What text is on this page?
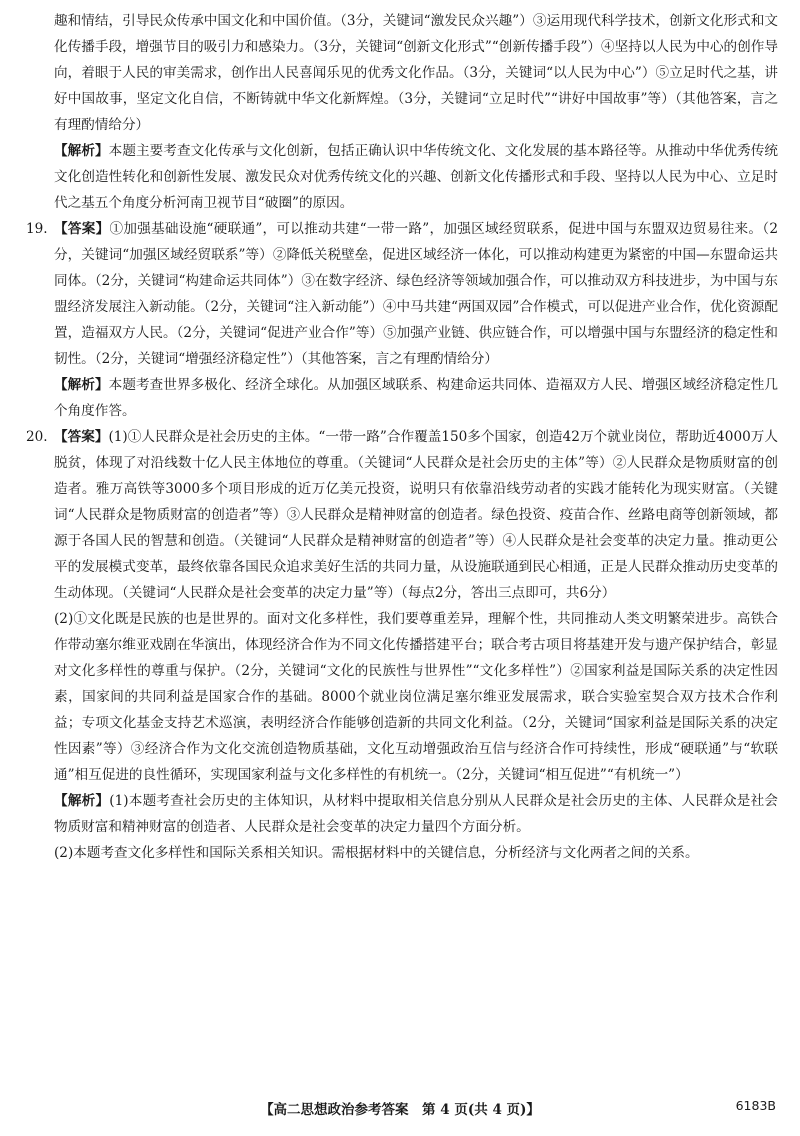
趣和情结，引导民众传承中国文化和中国价值。（3分，关键词“激发民众兴趣”）③运用现代科学技术，创新文化形式和文化传播手段，增强节目的吸引力和感染力。（3分，关键词“创新文化形式”“创新传播手段”）④坚持以人民为中心的创作导向，着眼于人民的审美需求，创作出人民喜闻乐见的优秀文化作品。（3分，关键词“以人民为中心”）⑤立足时代之基，讲好中国故事，坚定文化自信，不断铸就中华文化新辉煌。（3分，关键词“立足时代”“讲好中国故事”等）（其他答案，言之有理酌情给分）

【解析】本题主要考查文化传承与文化创新，包括正确认识中华传统文化、文化发展的基本路径等。从推动中华优秀传统文化创造性转化和创新性发展、激发民众对优秀传统文化的兴趣、创新文化传播形式和手段、坚持以人民为中心、立足时代之基五个角度分析河南卫视节目“破圈”的原因。

19. 【答案】①加强基础设施“硬联通”，可以推动共建“一带一路”，加强区域经贸联系，促进中国与东盟双边贸易往来。（2分，关键词“加强区域经贸联系”等）②降低关税壁垒，促进区域经济一体化，可以推动构建更为紧密的中国—东盟命运共同体。（2分，关键词“构建命运共同体”）③在数字经济、绿色经济等领域加强合作，可以推动双方科技进步，为中国与东盟经济发展注入新动能。（2分，关键词“注入新动能”）④中马共建“两国双园”合作模式，可以促进产业合作，优化资源配置，造福双方人民。（2分，关键词“促进产业合作”等）⑤加强产业链、供应链合作，可以增强中国与东盟经济的稳定性和韧性。（2分，关键词“增强经济稳定性”）（其他答案，言之有理酌情给分）

【解析】本题考查世界多极化、经济全球化。从加强区域联系、构建命运共同体、造福双方人民、增强区域经济稳定性几个角度作答。

20. 【答案】(1)①人民群众是社会历史的主体。“一带一路”合作覆盖150多个国家，创造42万个就业岗位，帮助近4000万人脱贫，体现了对沿线数十亿人民主体地位的尊重。（关键词“人民群众是社会历史的主体”等）②人民群众是物质财富的创造者。雅万高铁等3000多个项目形成的近万亿美元投资，说明只有依靠沿线劳动者的实践才能转化为现实财富。（关键词“人民群众是物质财富的创造者”等）③人民群众是精神财富的创造者。绿色投资、疫苗合作、丝路电商等创新领域，都源于各国人民的智慧和创造。（关键词“人民群众是精神财富的创造者”等）④人民群众是社会变革的决定力量。推动更公平的发展模式变革，最终依靠各国民众追求美好生活的共同力量，从设施联通到民心相通，正是人民群众推动历史变革的生动体现。（关键词“人民群众是社会变革的决定力量”等）（每点2分，答出三点即可，共6分）

(2)①文化既是民族的也是世界的。面对文化多样性，我们要尊重差异，理解个性，共同推动人类文明繁荣进步。高铁合作带动塞尔维亚戏剧在华演出，体现经济合作为不同文化传播搭建平台；联合考古项目将基建开发与遗产保护结合，彰显对文化多样性的尊重与保护。（2分，关键词“文化的民族性与世界性”“文化多样性”）②国家利益是国际关系的决定性因素，国家间的共同利益是国家合作的基础。8000个就业岗位满足塞尔维亚发展需求，联合实验室契合双方技术合作利益；专项文化基金支持艺术巡演，表明经济合作能够创造新的共同文化利益。（2分，关键词“国家利益是国际关系的决定性因素”等）③经济合作为文化交流创造物质基础，文化互动增强政治互信与经济合作可持续性，形成“硬联通”与“软联通”相互促进的良性循环，实现国家利益与文化多样性的有机统一。（2分，关键词“相互促进”“有机统一”）

【解析】(1)本题考查社会历史的主体知识，从材料中提取相关信息分别从人民群众是社会历史的主体、人民群众是社会物质财富和精神财富的创造者、人民群众是社会变革的决定力量四个方面分析。

(2)本题考查文化多样性和国际关系相关知识。需根据材料中的关键信息，分析经济与文化两者之间的关系。

【高二思想政治参考答案　第 4 页(共 4 页)】	6183B
